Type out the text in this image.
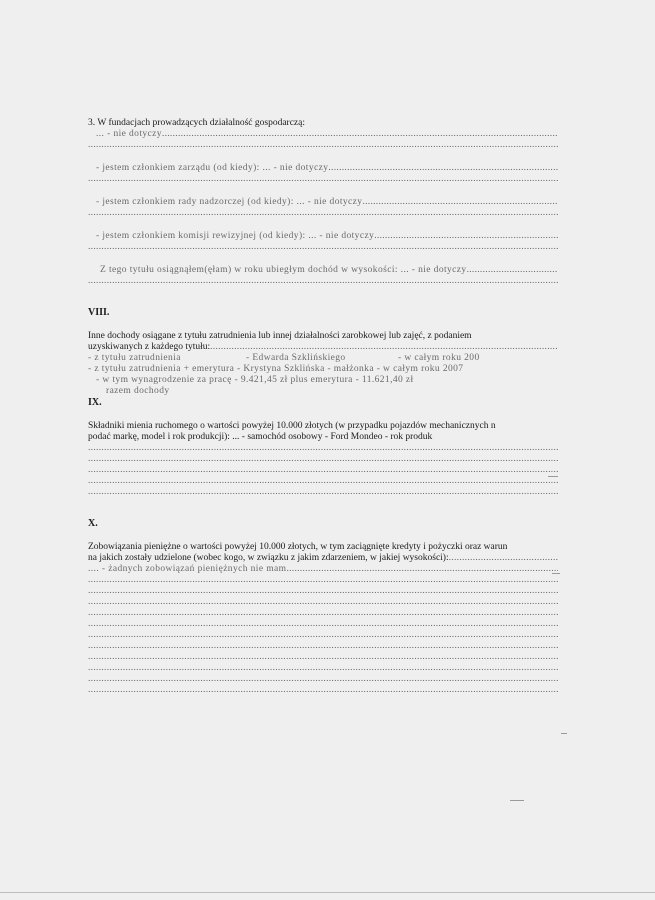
3. W fundacjach prowadzących działalność gospodarczą:
... - nie dotyczy .....
.....
- jestem członkiem zarządu (od kiedy): ... - nie dotyczy .....
.....
- jestem członkiem rady nadzorczej (od kiedy): ... - nie dotyczy .....
.....
- jestem członkiem komisji rewizyjnej (od kiedy): ... - nie dotyczy .....
.....
Z tego tytułu osiągnąłem(ęłam) w roku ubiegłym dochód w wysokości: ... - nie dotyczy .....
.....
VIII.
Inne dochody osiągane z tytułu zatrudnienia lub innej działalności zarobkowej lub zajęć, z podaniem
uzyskiwanych z każdego tytułu: .....
- z tytułu zatrudnienia	- Edwarda Szklińskiego	- w całym roku 200
- z tytułu zatrudnienia + emerytura - Krystyna Szklińska - małżonka - w całym roku 2007
- w tym wynagrodzenie za pracę - 9.421,45 zł plus emerytura - 11.621,40 zł
razem dochody
IX.
Składniki mienia ruchomego o wartości powyżej 10.000 złotych (w przypadku pojazdów mechanicznych n
podać markę, model i rok produkcji): ... - samochód osobowy - Ford Mondeo - rok produk
.....
.....
.....
.....
.....
X.
Zobowiązania pieniężne o wartości powyżej 10.000 złotych, w tym zaciągnięte kredyty i pożyczki oraz warun
na jakich zostały udzielone (wobec kogo, w związku z jakim zdarzeniem, w jakiej wysokości): .....
.... - żadnych zobowiązań pieniężnych nie mam .....
.....
.....
.....
.....
.....
.....
.....
.....
.....
.....
.....
